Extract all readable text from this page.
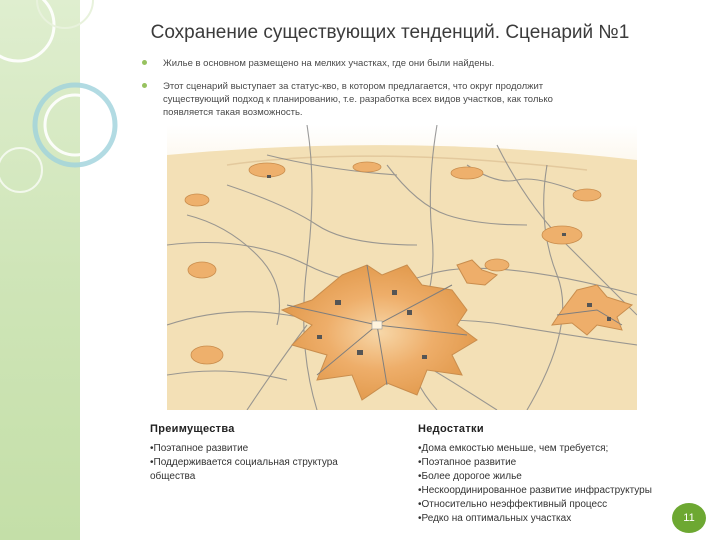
Сохранение существующих тенденций. Сценарий №1
Жилье в основном размещено на мелких участках, где они были найдены.
Этот сценарий выступает за статус-кво, в котором предлагается, что округ продолжит существующий подход к планированию, т.е. разработка всех видов участков, как только появляется такая возможность.
Преимущества
•Поэтапное развитие
•Поддерживается социальная структура общества
Недостатки
•Дома емкостью меньше, чем требуется;
•Поэтапное развитие
•Более дорогое жилье
•Нескоординированное развитие инфраструктуры
•Относительно неэффективный процесс
•Редко на оптимальных участках	11
